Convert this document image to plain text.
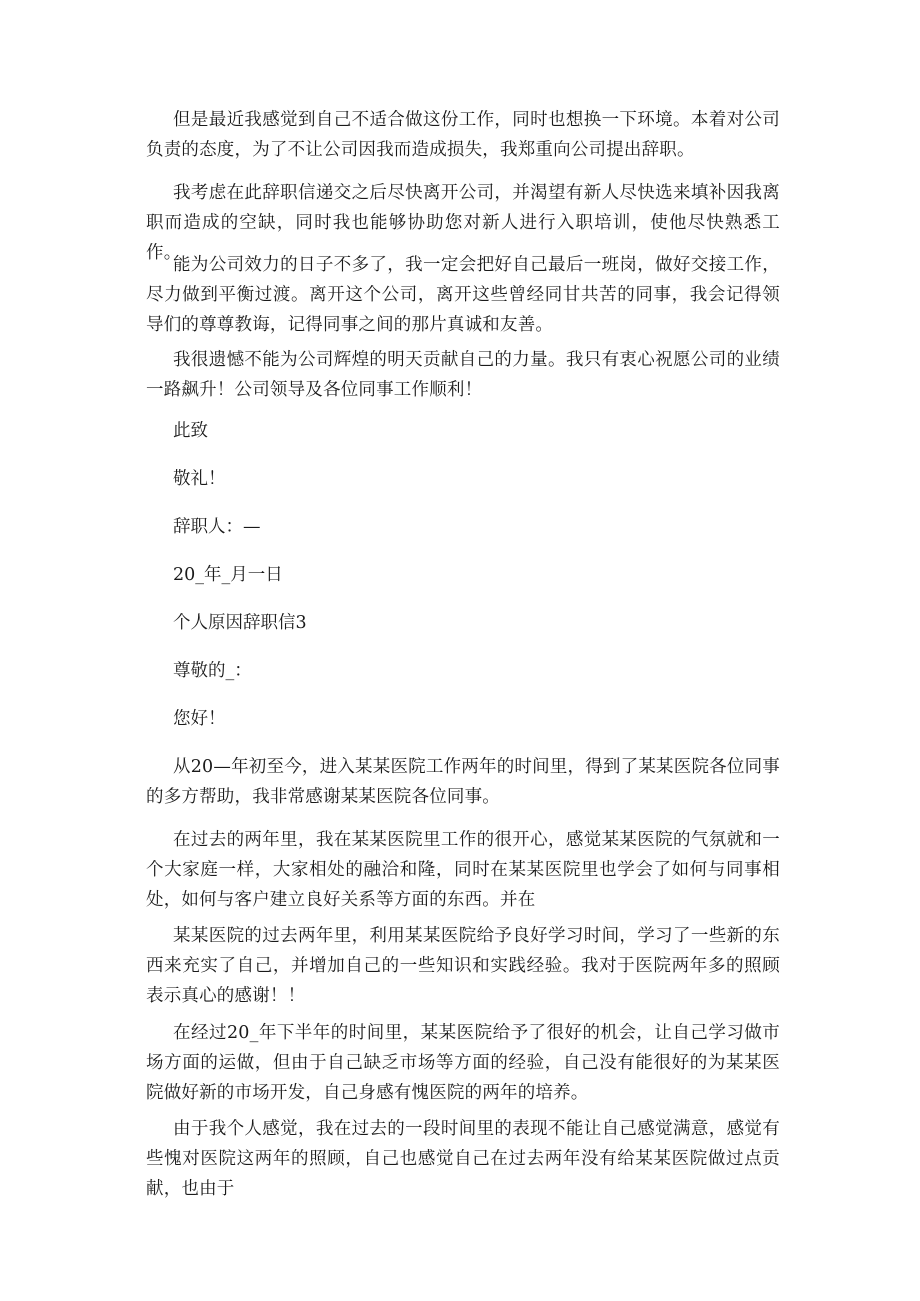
但是最近我感觉到自己不适合做这份工作，同时也想换一下环境。本着对公司负责的态度，为了不让公司因我而造成损失，我郑重向公司提出辞职。

我考虑在此辞职信递交之后尽快离开公司，并渴望有新人尽快选来填补因我离职而造成的空缺，同时我也能够协助您对新人进行入职培训，使他尽快熟悉工作。

能为公司效力的日子不多了，我一定会把好自己最后一班岗，做好交接工作，尽力做到平衡过渡。离开这个公司，离开这些曾经同甘共苦的同事，我会记得领导们的尊尊教诲，记得同事之间的那片真诚和友善。

我很遗憾不能为公司辉煌的明天贡献自己的力量。我只有衷心祝愿公司的业绩一路飙升！公司领导及各位同事工作顺利！

此致

敬礼！

辞职人：—

20_年_月一日

个人原因辞职信3

尊敬的_：

您好！

从20—年初至今，进入某某医院工作两年的时间里，得到了某某医院各位同事的多方帮助，我非常感谢某某医院各位同事。

在过去的两年里，我在某某医院里工作的很开心，感觉某某医院的气氛就和一个大家庭一样，大家相处的融洽和隆，同时在某某医院里也学会了如何与同事相处，如何与客户建立良好关系等方面的东西。并在

某某医院的过去两年里，利用某某医院给予良好学习时间，学习了一些新的东西来充实了自己，并增加自己的一些知识和实践经验。我对于医院两年多的照顾表示真心的感谢！！

在经过20_年下半年的时间里，某某医院给予了很好的机会，让自己学习做市场方面的运做，但由于自己缺乏市场等方面的经验，自己没有能很好的为某某医院做好新的市场开发，自己身感有愧医院的两年的培养。

由于我个人感觉，我在过去的一段时间里的表现不能让自己感觉满意，感觉有些愧对医院这两年的照顾，自己也感觉自己在过去两年没有给某某医院做过点贡献，也由于
